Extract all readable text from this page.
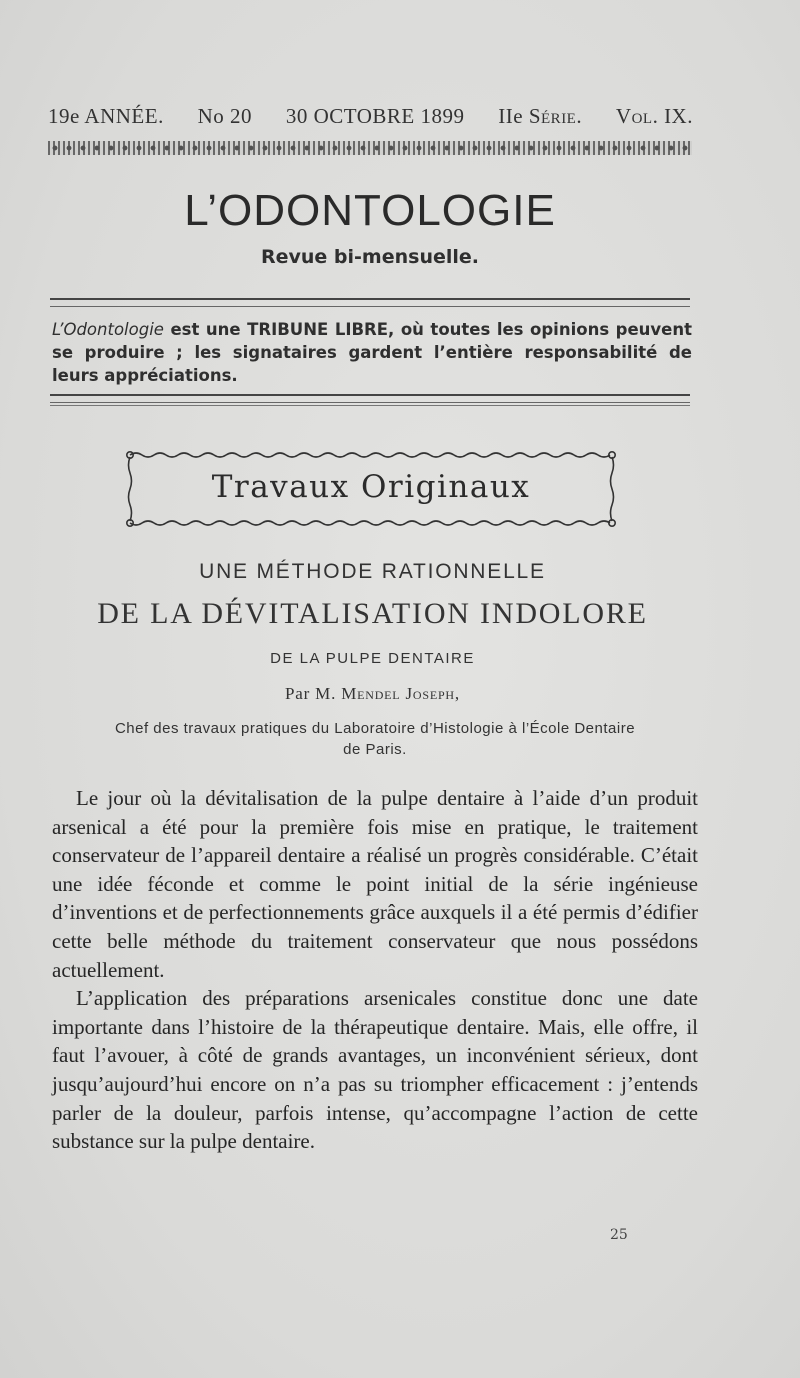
19e ANNÉE. No 20 30 OCTOBRE 1899 IIe Série. Vol. IX.
L’ODONTOLOGIE
Revue bi-mensuelle.
L’Odontologie est une TRIBUNE LIBRE, où toutes les opinions peuvent se produire ; les signataires gardent l’entière responsabilité de leurs appréciations.
Travaux Originaux
UNE MÉTHODE RATIONNELLE
DE LA DÉVITALISATION INDOLORE
DE LA PULPE DENTAIRE
Par M. Mendel Joseph,
Chef des travaux pratiques du Laboratoire d’Histologie à l’École Dentaire de Paris.

Le jour où la dévitalisation de la pulpe dentaire à l’aide d’un produit arsenical a été pour la première fois mise en pratique, le traitement conservateur de l’appareil dentaire a réalisé un progrès considérable. C’était une idée féconde et comme le point initial de la série ingénieuse d’inventions et de perfectionnements grâce auxquels il a été permis d’édifier cette belle méthode du traitement conservateur que nous possédons actuellement.

L’application des préparations arsenicales constitue donc une date importante dans l’histoire de la thérapeutique dentaire. Mais, elle offre, il faut l’avouer, à côté de grands avantages, un inconvénient sérieux, dont jusqu’aujourd’hui encore on n’a pas su triompher efficacement : j’entends parler de la douleur, parfois intense, qu’accompagne l’action de cette substance sur la pulpe dentaire.

25
